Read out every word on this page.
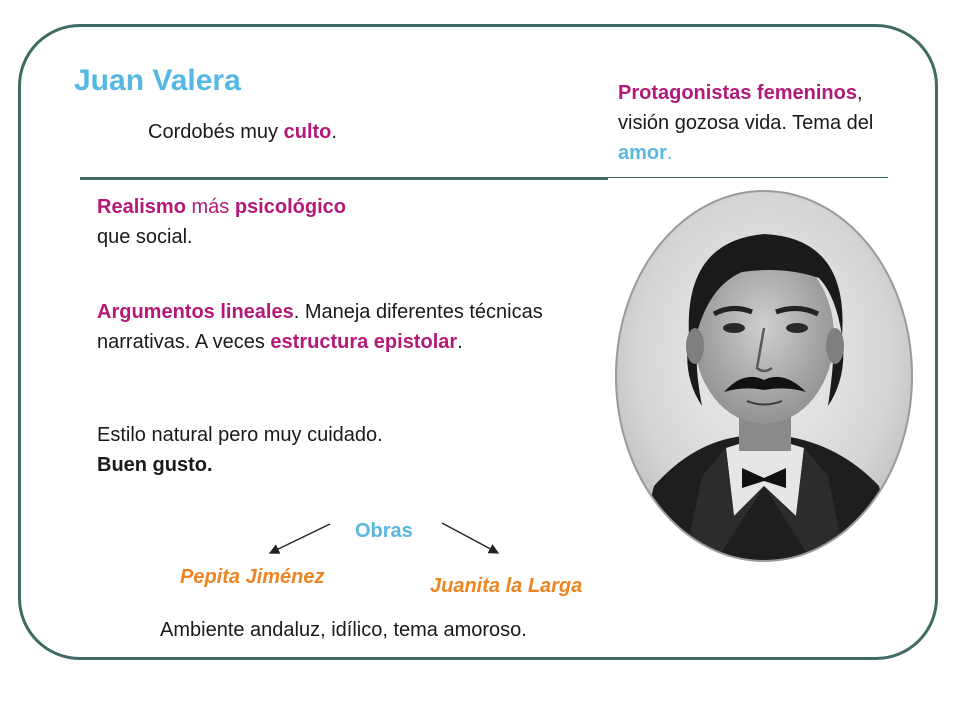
Juan Valera

Cordobés muy culto.

Protagonistas femeninos, visión gozosa vida. Tema del amor.

Realismo más psicológico
que social.

Argumentos lineales. Maneja diferentes técnicas narrativas. A veces estructura epistolar.

Estilo natural pero muy cuidado. Buen gusto.

Obras
Pepita Jiménez	Juanita la Larga

Ambiente andaluz, idílico, tema amoroso.
